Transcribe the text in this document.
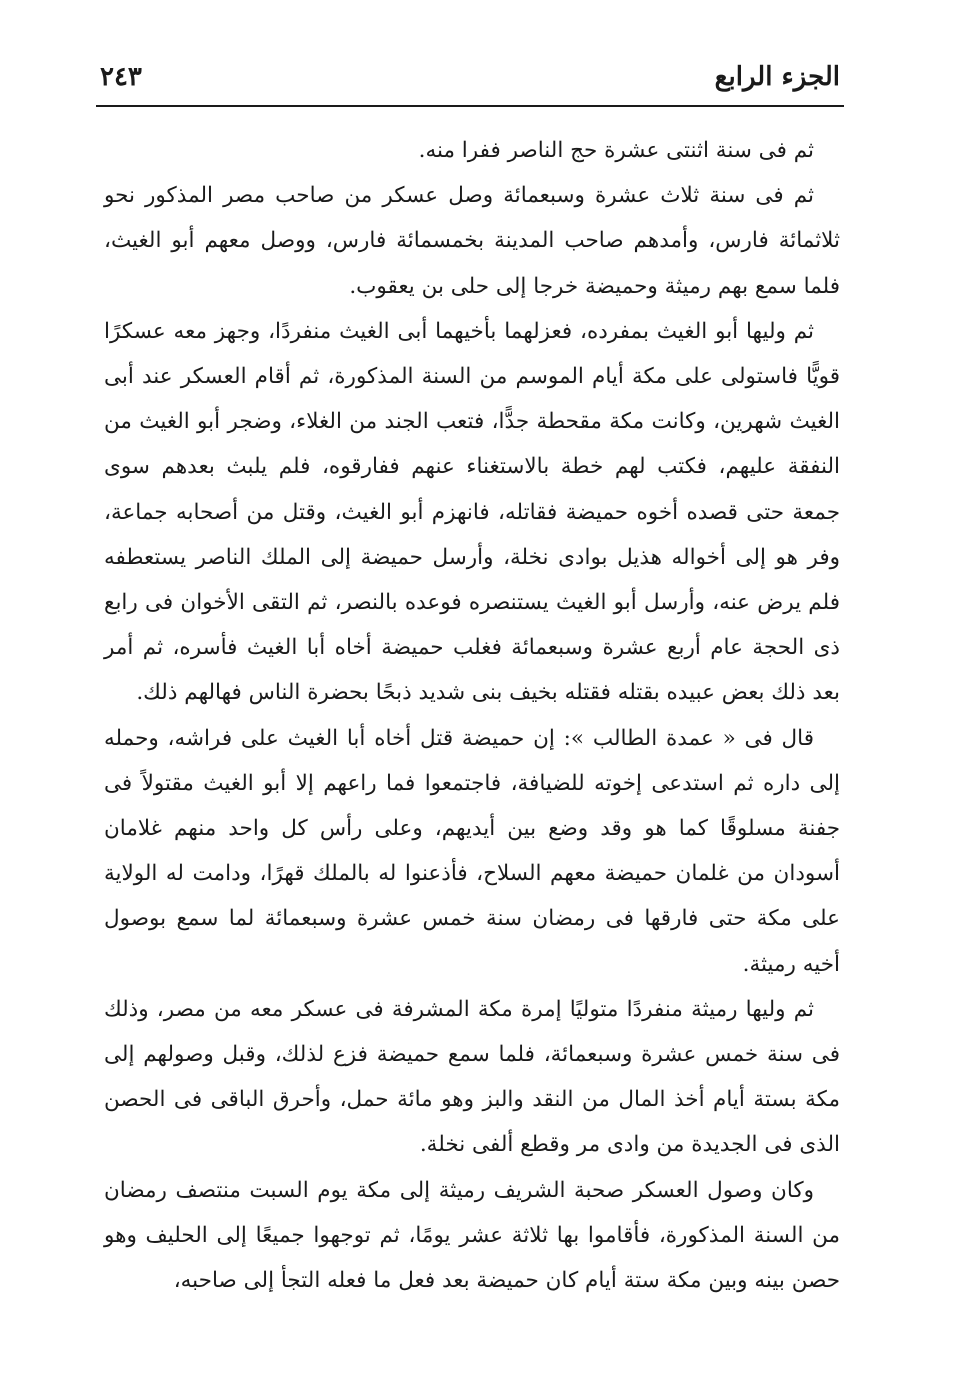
الجزء الرابع
٢٤٣

ثم فى سنة اثنتى عشرة حج الناصر ففرا منه.

ثم فى سنة ثلاث عشرة وسبعمائة وصل عسكر من صاحب مصر المذكور نحو ثلاثمائة فارس، وأمدهم صاحب المدينة بخمسمائة فارس، ووصل معهم أبو الغيث، فلما سمع بهم رميثة وحميضة خرجا إلى حلى بن يعقوب.

ثم وليها أبو الغيث بمفرده، فعزلهما بأخيهما أبى الغيث منفردًا، وجهز معه عسكرًا قويًّا فاستولى على مكة أيام الموسم من السنة المذكورة، ثم أقام العسكر عند أبى الغيث شهرين، وكانت مكة مقحطة جدًّا، فتعب الجند من الغلاء، وضجر أبو الغيث من النفقة عليهم، فكتب لهم خطة بالاستغناء عنهم ففارقوه، فلم يلبث بعدهم سوى جمعة حتى قصده أخوه حميضة فقاتله، فانهزم أبو الغيث، وقتل من أصحابه جماعة، وفر هو إلى أخواله هذيل بوادى نخلة، وأرسل حميضة إلى الملك الناصر يستعطفه فلم يرض عنه، وأرسل أبو الغيث يستنصره فوعده بالنصر، ثم التقى الأخوان فى رابع ذى الحجة عام أربع عشرة وسبعمائة فغلب حميضة أخاه أبا الغيث فأسره، ثم أمر بعد ذلك بعض عبيده بقتله فقتله بخيف بنى شديد ذبحًا بحضرة الناس فهالهم ذلك.

قال فى « عمدة الطالب »: إن حميضة قتل أخاه أبا الغيث على فراشه، وحمله إلى داره ثم استدعى إخوته للضيافة، فاجتمعوا فما راعهم إلا أبو الغيث مقتولاً فى جفنة مسلوقًا كما هو وقد وضع بين أيديهم، وعلى رأس كل واحد منهم غلامان أسودان من غلمان حميضة معهم السلاح، فأذعنوا له بالملك قهرًا، ودامت له الولاية على مكة حتى فارقها فى رمضان سنة خمس عشرة وسبعمائة لما سمع بوصول أخيه رميثة.

ثم وليها رميثة منفردًا متوليًا إمرة مكة المشرفة فى عسكر معه من مصر، وذلك فى سنة خمس عشرة وسبعمائة، فلما سمع حميضة فزع لذلك، وقبل وصولهم إلى مكة بستة أيام أخذ المال من النقد والبز وهو مائة حمل، وأحرق الباقى فى الحصن الذى فى الجديدة من وادى مر وقطع ألفى نخلة.

وكان وصول العسكر صحبة الشريف رميثة إلى مكة يوم السبت منتصف رمضان من السنة المذكورة، فأقاموا بها ثلاثة عشر يومًا، ثم توجهوا جميعًا إلى الحليف وهو حصن بينه وبين مكة ستة أيام كان حميضة بعد فعل ما فعله التجأ إلى صاحبه،
